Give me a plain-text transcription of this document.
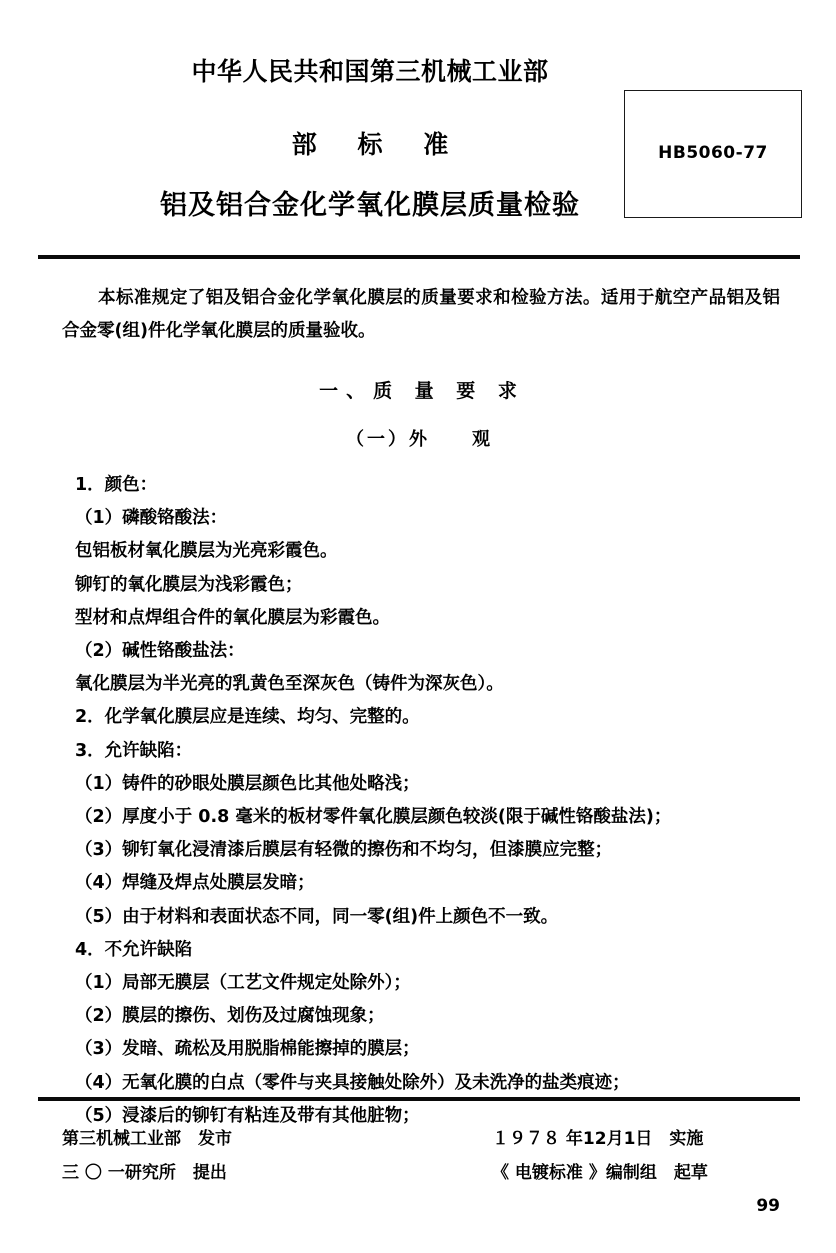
中华人民共和国第三机械工业部
部 标 准
铝及铝合金化学氧化膜层质量检验
HB5060-77

本标准规定了铝及铝合金化学氧化膜层的质量要求和检验方法。适用于航空产品铝及铝合金零(组)件化学氧化膜层的质量验收。

一、质 量 要 求
（一）外　　观
1．颜色：
（1）磷酸铬酸法：
包铝板材氧化膜层为光亮彩霞色。
铆钉的氧化膜层为浅彩霞色；
型材和点焊组合件的氧化膜层为彩霞色。
（2）碱性铬酸盐法：
氧化膜层为半光亮的乳黄色至深灰色（铸件为深灰色）。
2．化学氧化膜层应是连续、均匀、完整的。
3．允许缺陷：
（1）铸件的砂眼处膜层颜色比其他处略浅；
（2）厚度小于 0.8 毫米的板材零件氧化膜层颜色较淡(限于碱性铬酸盐法)；
（3）铆钉氧化浸清漆后膜层有轻微的擦伤和不均匀，但漆膜应完整；
（4）焊缝及焊点处膜层发暗；
（5）由于材料和表面状态不同，同一零(组)件上颜色不一致。
4．不允许缺陷
（1）局部无膜层（工艺文件规定处除外）；
（2）膜层的擦伤、划伤及过腐蚀现象；
（3）发暗、疏松及用脱脂棉能擦掉的膜层；
（4）无氧化膜的白点（零件与夹具接触处除外）及未洗净的盐类痕迹；
（5）浸漆后的铆钉有粘连及带有其他脏物；
第三机械工业部　发市
三 〇 一研究所　提出
１９７８ 年12月1日　实施
《 电镀标准 》编制组　起草
99
